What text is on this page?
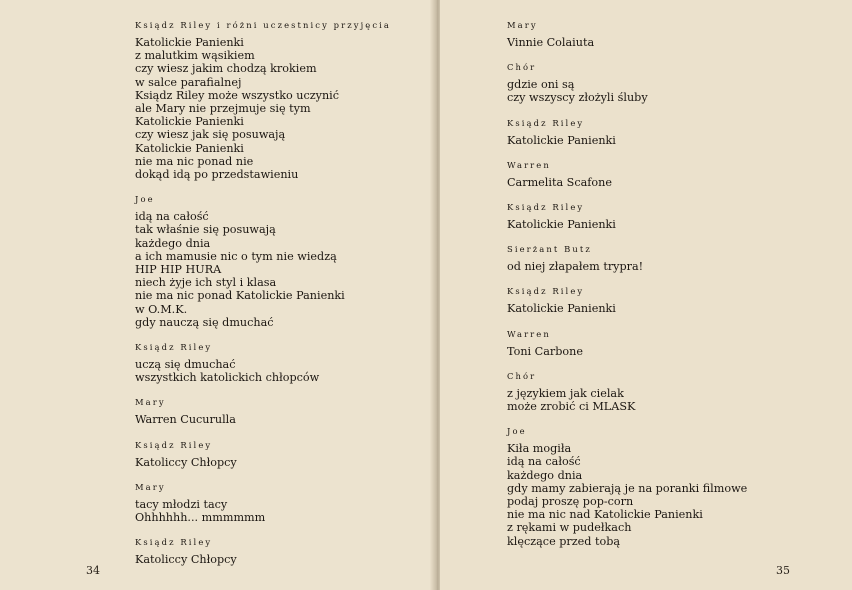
Ksiądz Riley i różni uczestnicy przyjęcia
Katolickie Panienki
z malutkim wąsikiem
czy wiesz jakim chodzą krokiem
w salce parafialnej
Ksiądz Riley może wszystko uczynić
ale Mary nie przejmuje się tym
Katolickie Panienki
czy wiesz jak się posuwają
Katolickie Panienki
nie ma nic ponad nie
dokąd idą po przedstawieniu
Joe
idą na całość
tak właśnie się posuwają
każdego dnia
a ich mamusie nic o tym nie wiedzą
HIP HIP HURA
niech żyje ich styl i klasa
nie ma nic ponad Katolickie Panienki
w O.M.K.
gdy nauczą się dmuchać
Ksiądz Riley
uczą się dmuchać
wszystkich katolickich chłopców
Mary
Warren Cucurulla
Ksiądz Riley
Katoliccy Chłopcy
Mary
tacy młodzi tacy
Ohhhhhh... mmmmmm
Ksiądz Riley
Katoliccy Chłopcy
34
Mary
Vinnie Colaiuta
Chór
gdzie oni są
czy wszyscy złożyli śluby
Ksiądz Riley
Katolickie Panienki
Warren
Carmelita Scafone
Ksiądz Riley
Katolickie Panienki
Sierżant Butz
od niej złapałem trypra!
Ksiądz Riley
Katolickie Panienki
Warren
Toni Carbone
Chór
z językiem jak cielak
może zrobić ci MLASK
Joe
Kiła mogiła
idą na całość
każdego dnia
gdy mamy zabierają je na poranki filmowe
podaj proszę pop-corn
nie ma nic nad Katolickie Panienki
z rękami w pudełkach
klęczące przed tobą
35
